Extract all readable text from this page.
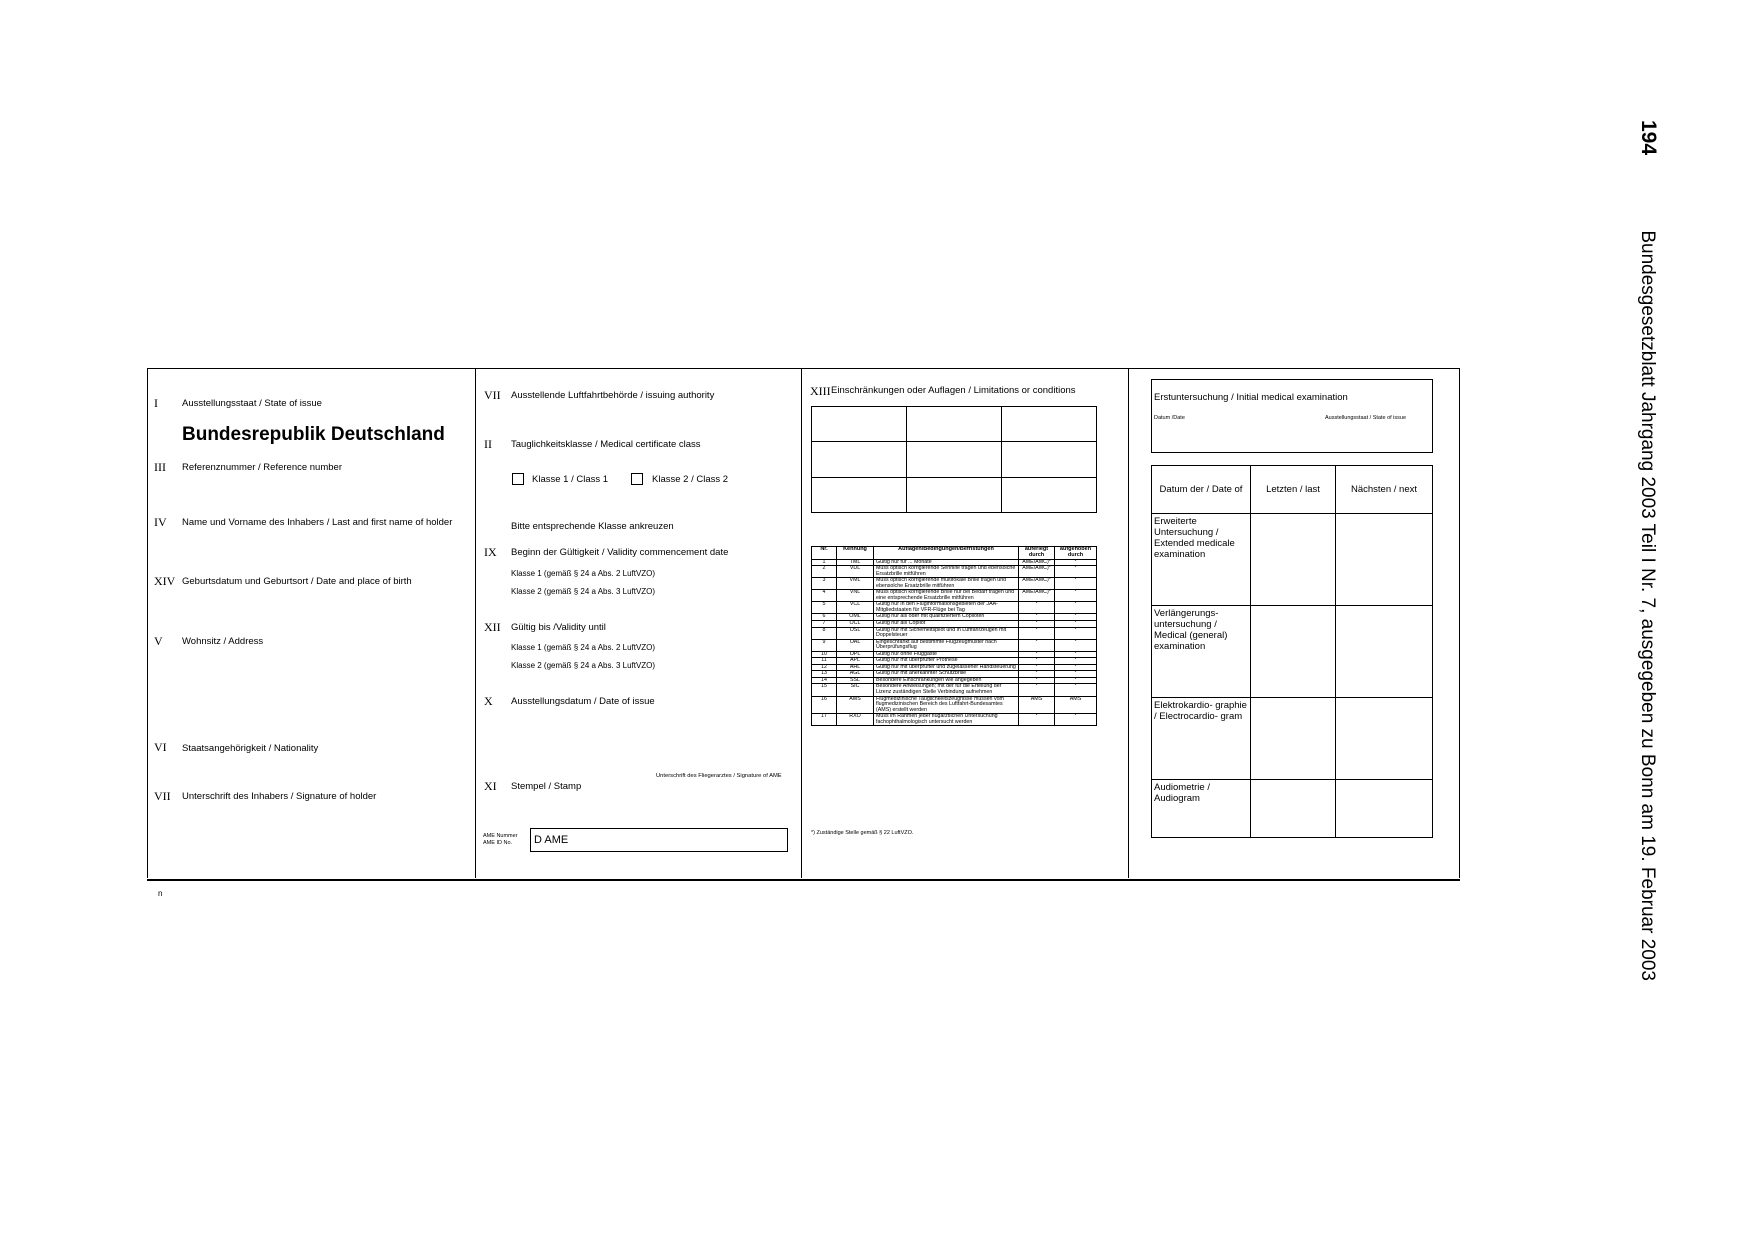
194 Bundesgesetzblatt Jahrgang 2003 Teil I Nr. 7, ausgegeben zu Bonn am 19. Februar 2003
I	Ausstellungsstaat / State of issue
Bundesrepublik Deutschland
III Referenznummer / Reference number
IV Name und Vorname des Inhabers / Last and first name of holder
XIV Geburtsdatum und Geburtsort / Date and place of birth
V Wohnsitz / Address
VI Staatsangehörigkeit / Nationality
VII Unterschrift des Inhabers / Signature of holder
VII Ausstellende Luftfahrtbehörde / issuing authority
II Tauglichkeitsklasse / Medical certificate class
Klasse 1 / Class 1	Klasse 2 / Class 2
Bitte entsprechende Klasse ankreuzen
IX Beginn der Gültigkeit / Validity commencement date
Klasse 1 (gemäß § 24 a Abs. 2 LuftVZO)
Klasse 2 (gemäß § 24 a Abs. 3 LuftVZO)
XII Gültig bis /Validity until
Klasse 1 (gemäß § 24 a Abs. 2 LuftVZO)
Klasse 2 (gemäß § 24 a Abs. 3 LuftVZO)
X Ausstellungsdatum / Date of issue
Unterschrift des Fliegerarztes / Signature of AME
XI Stempel / Stamp
AME Nummer
AME ID No. D AME
XIII Einschränkungen oder Auflagen / Limitations or conditions

Nr.	Kennung	Auflagen/Bedingungen/Befristungen	auferlegt durch	aufgehoben durch
1	TML	Gültig nur für ... Monate	AME/AMC)*	*
2	VDL	Muss optisch korrigierende Sehhilfe tragen und ebensolche Ersatzbrille mitführen	AME/AMC)*	*
3	VML	Muss optisch korrigierende multifokale Brille tragen und ebensolche Ersatzbrille mitführen	AME/AMC)*	*
4	VNL	Muss optisch korrigierende Brille nur bei Bedarf tragen und eine entsprechende Ersatzbrille mitführen	AME/AMC)*	*
5	VCL	Gültig nur in den Fluginformationsgebieten der JAA-Mitgliedstaaten für VFR-Flüge bei Tag	*	*
6	OML	Gültig nur als oder mit qualifiziertem Copiloten	*	*
7	OCL	Gültig nur als Copilot	*	*
8	OSL	Gültig nur mit Sicherheitspilot und in Luftfahrzeugen mit Doppelsteuer	*	*
9	OAL	Eingeschränkt auf bestimmte Flugzeugmuster nach Überprüfungsflug	*	*
10	OPL	Gültig nur ohne Fluggäste	*	*
11	APL	Gültig nur mit überprüfter Prothese	*	*
12	AHL	Gültig nur mit überprüfter und zugelassener Handsteuerung	*	*
13	AGL	Gültig nur mit anerkannter Schutzbrille	*	*
14	SSL	Besondere Einschränkungen wie angegeben	*	*
15	SIC	Besondere Anweisungen; mit der für die Erteilung der Lizenz zuständigen Stelle Verbindung aufnehmen	*	*
16	AMS	Flugmedizinische Tauglichkeitszeugnisse müssen vom flugmedizinischen Bereich des Luftfahrt-Bundesamtes (AMS) erstellt werden	AMS	AMS
17	RXO	Muss im Rahmen jeder flugärztlichen Untersuchung fachophthalmologisch untersucht werden	*	*
*) Zuständige Stelle gemäß § 22 LuftVZO.
Erstuntersuchung / Initial medical examination
Datum /Date	Ausstellungsstaat / State of issue
Datum der / Date of	Letzten / last	Nächsten / next
Erweiterte Untersuchung / Extended medicale examination		
Verlängerungs- untersuchung / Medical (general) examination		
Elektrokardio- graphie / Electrocardio- gram		
Audiometrie / Audiogram		
n
